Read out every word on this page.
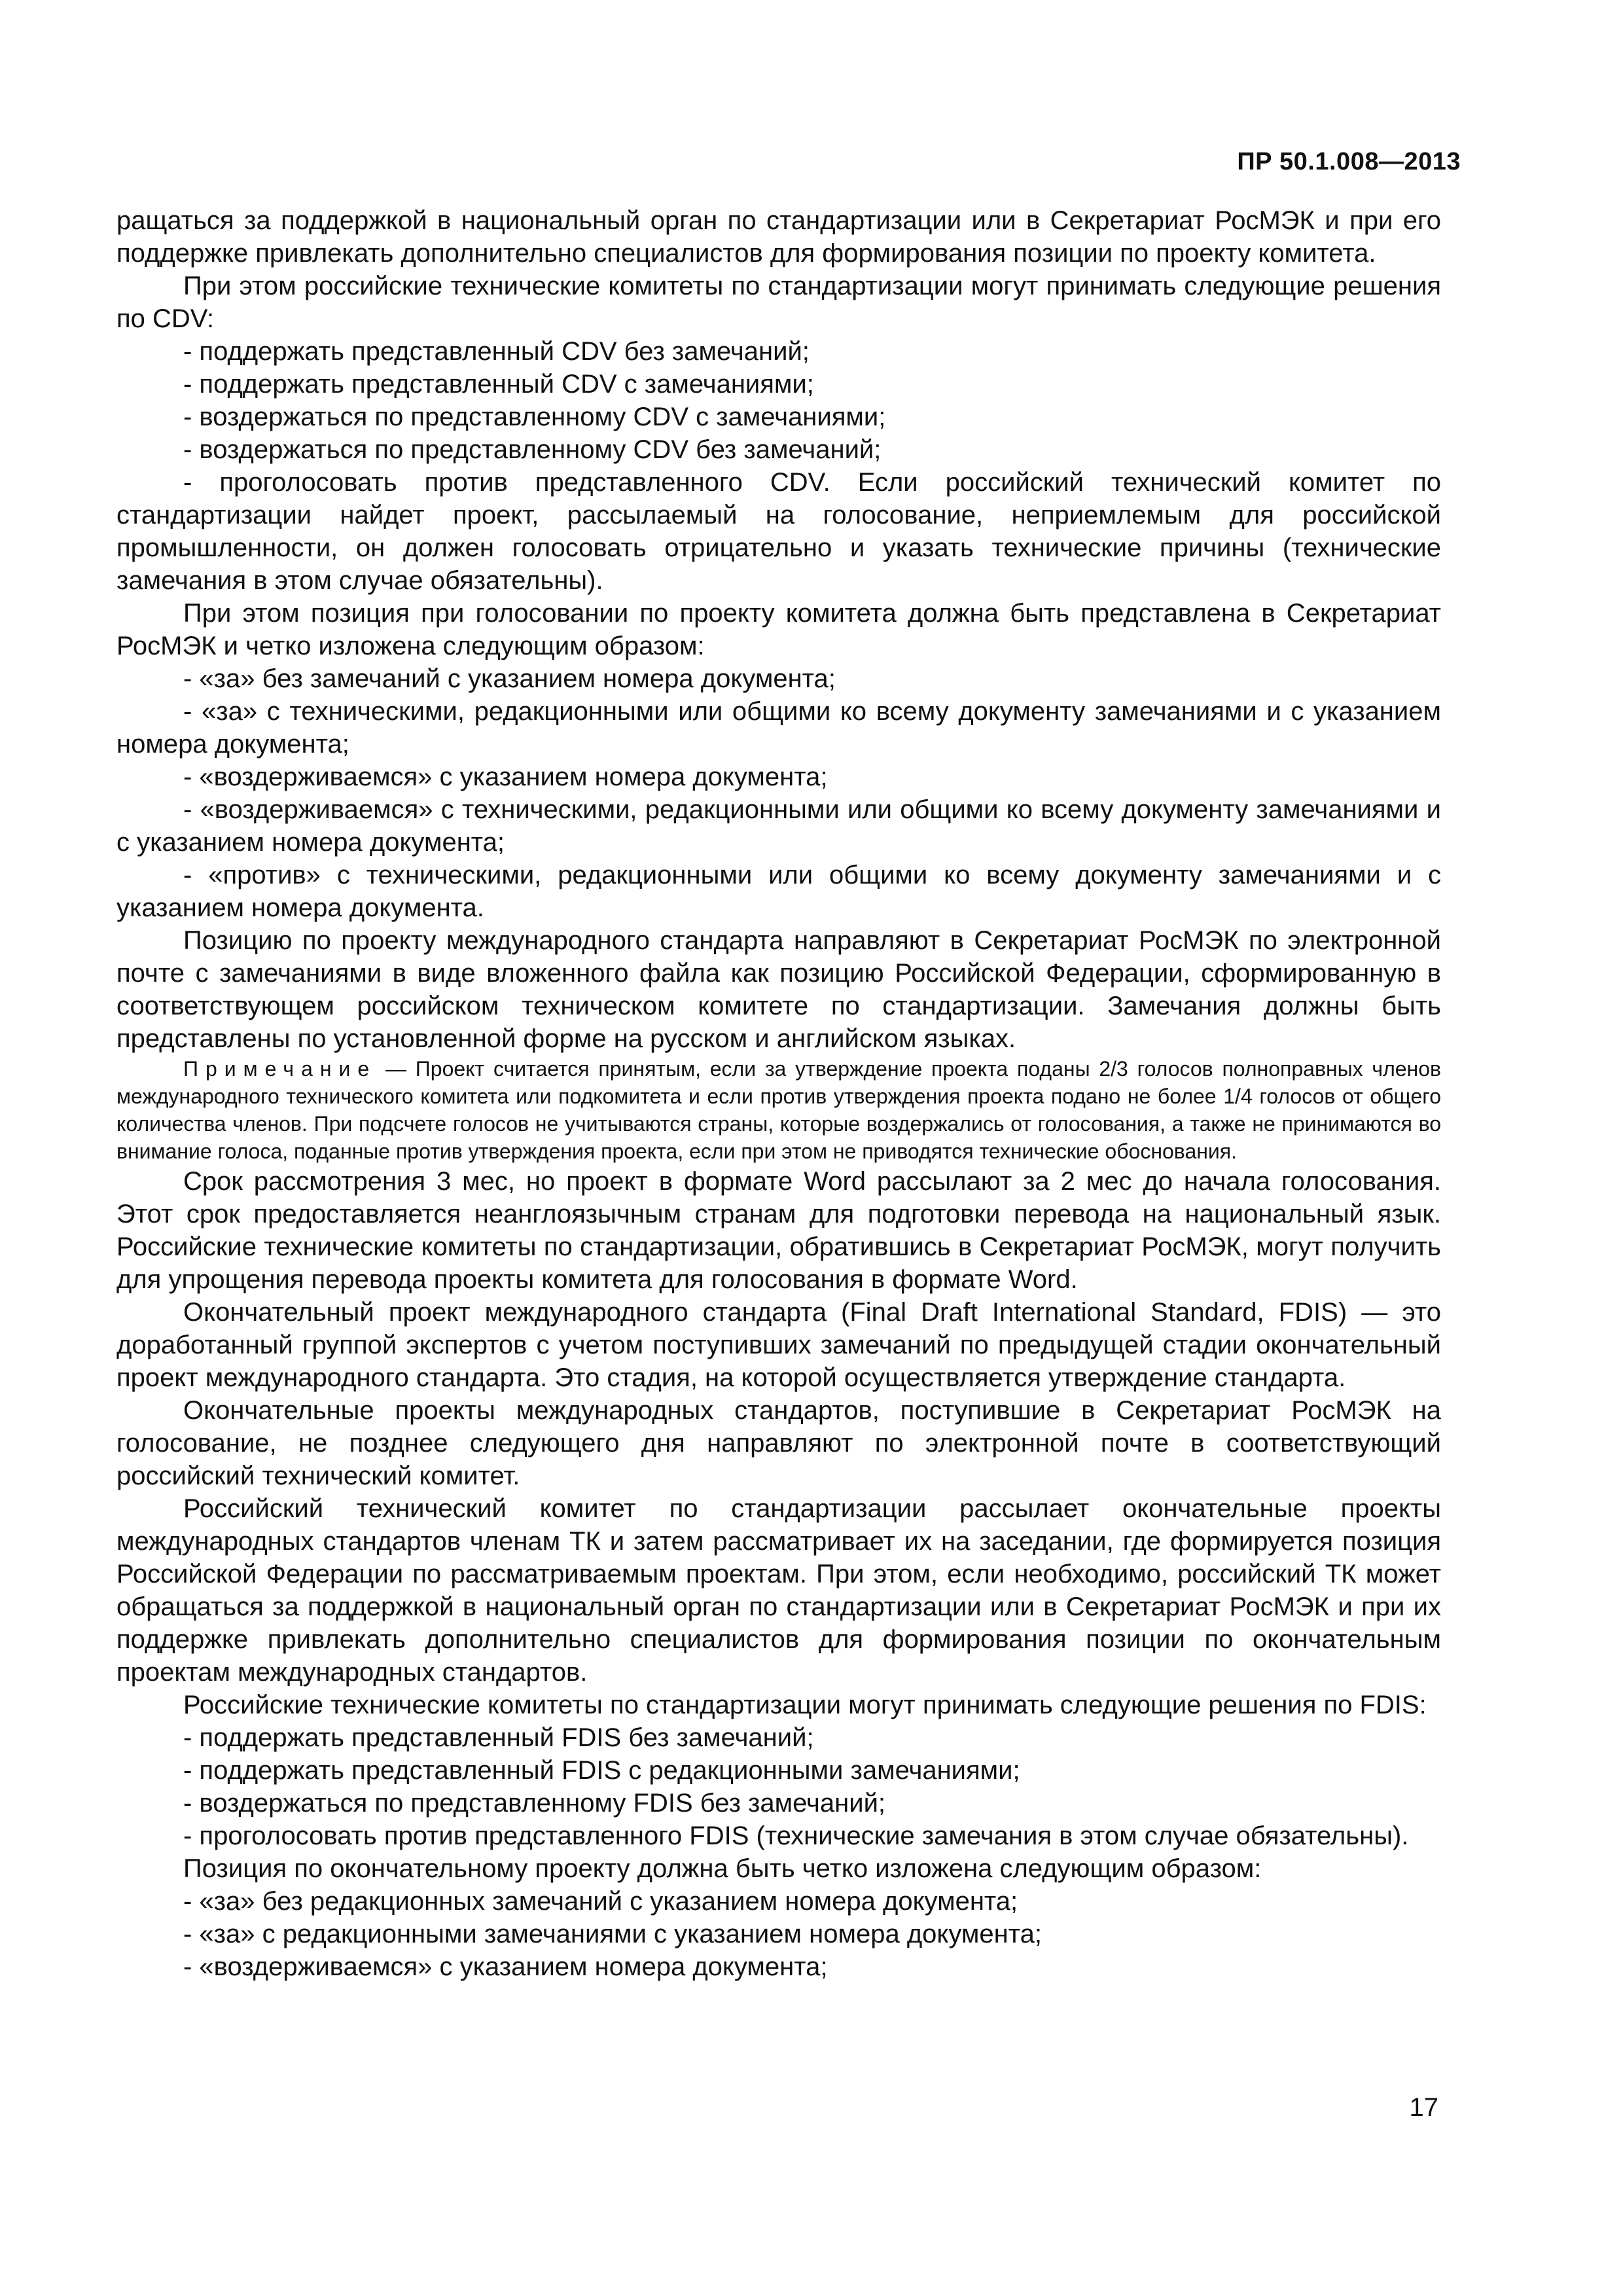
ПР 50.1.008—2013

ращаться за поддержкой в национальный орган по стандартизации или в Секретариат РосМЭК и при его поддержке привлекать дополнительно специалистов для формирования позиции по проекту комитета.

При этом российские технические комитеты по стандартизации могут принимать следующие решения по CDV:

- поддержать представленный CDV без замечаний;

- поддержать представленный CDV с замечаниями;

- воздержаться по представленному CDV с замечаниями;

- воздержаться по представленному CDV без замечаний;

- проголосовать против представленного CDV. Если российский технический комитет по стандартизации найдет проект, рассылаемый на голосование, неприемлемым для российской промышленности, он должен голосовать отрицательно и указать технические причины (технические замечания в этом случае обязательны).

При этом позиция при голосовании по проекту комитета должна быть представлена в Секретариат РосМЭК и четко изложена следующим образом:

- «за» без замечаний с указанием номера документа;

- «за» с техническими, редакционными или общими ко всему документу замечаниями и с указанием номера документа;

- «воздерживаемся» с указанием номера документа;

- «воздерживаемся» с техническими, редакционными или общими ко всему документу замечаниями и с указанием номера документа;

- «против» с техническими, редакционными или общими ко всему документу замечаниями и с указанием номера документа.

Позицию по проекту международного стандарта направляют в Секретариат РосМЭК по электронной почте с замечаниями в виде вложенного файла как позицию Российской Федерации, сформированную в соответствующем российском техническом комитете по стандартизации. Замечания должны быть представлены по установленной форме на русском и английском языках.

Примечание — Проект считается принятым, если за утверждение проекта поданы 2/3 голосов полноправных членов международного технического комитета или подкомитета и если против утверждения проекта подано не более 1/4 голосов от общего количества членов. При подсчете голосов не учитываются страны, которые воздержались от голосования, а также не принимаются во внимание голоса, поданные против утверждения проекта, если при этом не приводятся технические обоснования.

Срок рассмотрения 3 мес, но проект в формате Word рассылают за 2 мес до начала голосования. Этот срок предоставляется неанглоязычным странам для подготовки перевода на национальный язык. Российские технические комитеты по стандартизации, обратившись в Секретариат РосМЭК, могут получить для упрощения перевода проекты комитета для голосования в формате Word.

Окончательный проект международного стандарта (Final Draft International Standard, FDIS) — это доработанный группой экспертов с учетом поступивших замечаний по предыдущей стадии окончательный проект международного стандарта. Это стадия, на которой осуществляется утверждение стандарта.

Окончательные проекты международных стандартов, поступившие в Секретариат РосМЭК на голосование, не позднее следующего дня направляют по электронной почте в соответствующий российский технический комитет.

Российский технический комитет по стандартизации рассылает окончательные проекты международных стандартов членам ТК и затем рассматривает их на заседании, где формируется позиция Российской Федерации по рассматриваемым проектам. При этом, если необходимо, российский ТК может обращаться за поддержкой в национальный орган по стандартизации или в Секретариат РосМЭК и при их поддержке привлекать дополнительно специалистов для формирования позиции по окончательным проектам международных стандартов.

Российские технические комитеты по стандартизации могут принимать следующие решения по FDIS:

- поддержать представленный FDIS без замечаний;

- поддержать представленный FDIS с редакционными замечаниями;

- воздержаться по представленному FDIS без замечаний;

- проголосовать против представленного FDIS (технические замечания в этом случае обязательны).

Позиция по окончательному проекту должна быть четко изложена следующим образом:

- «за» без редакционных замечаний с указанием номера документа;

- «за» с редакционными замечаниями с указанием номера документа;

- «воздерживаемся» с указанием номера документа;

17
